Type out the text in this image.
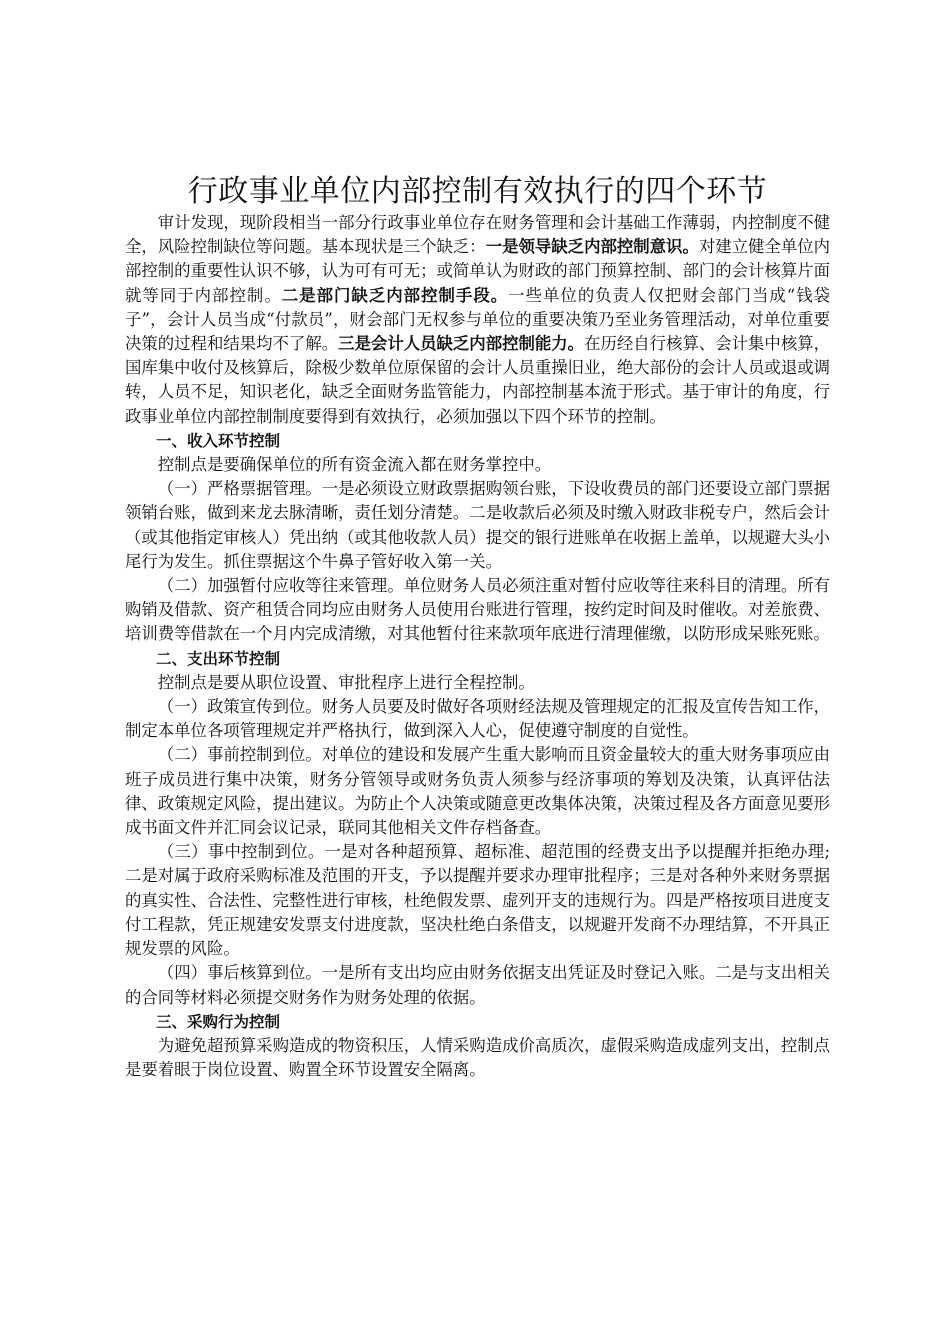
行政事业单位内部控制有效执行的四个环节

审计发现，现阶段相当一部分行政事业单位存在财务管理和会计基础工作薄弱，内控制度不健全，风险控制缺位等问题。基本现状是三个缺乏：一是领导缺乏内部控制意识。对建立健全单位内部控制的重要性认识不够，认为可有可无；或简单认为财政的部门预算控制、部门的会计核算片面就等同于内部控制。二是部门缺乏内部控制手段。一些单位的负责人仅把财会部门当成“钱袋子”，会计人员当成“付款员”，财会部门无权参与单位的重要决策乃至业务管理活动，对单位重要决策的过程和结果均不了解。三是会计人员缺乏内部控制能力。在历经自行核算、会计集中核算，国库集中收付及核算后，除极少数单位原保留的会计人员重操旧业，绝大部份的会计人员或退或调转，人员不足，知识老化，缺乏全面财务监管能力，内部控制基本流于形式。基于审计的角度，行政事业单位内部控制制度要得到有效执行，必须加强以下四个环节的控制。

一、收入环节控制

控制点是要确保单位的所有资金流入都在财务掌控中。

（一）严格票据管理。一是必须设立财政票据购领台账，下设收费员的部门还要设立部门票据领销台账，做到来龙去脉清晰，责任划分清楚。二是收款后必须及时缴入财政非税专户，然后会计（或其他指定审核人）凭出纳（或其他收款人员）提交的银行进账单在收据上盖单，以规避大头小尾行为发生。抓住票据这个牛鼻子管好收入第一关。

（二）加强暂付应收等往来管理。单位财务人员必须注重对暂付应收等往来科目的清理。所有购销及借款、资产租赁合同均应由财务人员使用台账进行管理，按约定时间及时催收。对差旅费、培训费等借款在一个月内完成清缴，对其他暂付往来款项年底进行清理催缴，以防形成呆账死账。

二、支出环节控制

控制点是要从职位设置、审批程序上进行全程控制。

（一）政策宣传到位。财务人员要及时做好各项财经法规及管理规定的汇报及宣传告知工作，制定本单位各项管理规定并严格执行，做到深入人心，促使遵守制度的自觉性。

（二）事前控制到位。对单位的建设和发展产生重大影响而且资金量较大的重大财务事项应由班子成员进行集中决策，财务分管领导或财务负责人须参与经济事项的筹划及决策，认真评估法律、政策规定风险，提出建议。为防止个人决策或随意更改集体决策，决策过程及各方面意见要形成书面文件并汇同会议记录，联同其他相关文件存档备查。

（三）事中控制到位。一是对各种超预算、超标准、超范围的经费支出予以提醒并拒绝办理;二是对属于政府采购标准及范围的开支，予以提醒并要求办理审批程序；三是对各种外来财务票据的真实性、合法性、完整性进行审核，杜绝假发票、虚列开支的违规行为。四是严格按项目进度支付工程款，凭正规建安发票支付进度款，坚决杜绝白条借支，以规避开发商不办理结算，不开具正规发票的风险。

（四）事后核算到位。一是所有支出均应由财务依据支出凭证及时登记入账。二是与支出相关的合同等材料必须提交财务作为财务处理的依据。

三、采购行为控制

为避免超预算采购造成的物资积压，人情采购造成价高质次，虚假采购造成虚列支出，控制点是要着眼于岗位设置、购置全环节设置安全隔离。
